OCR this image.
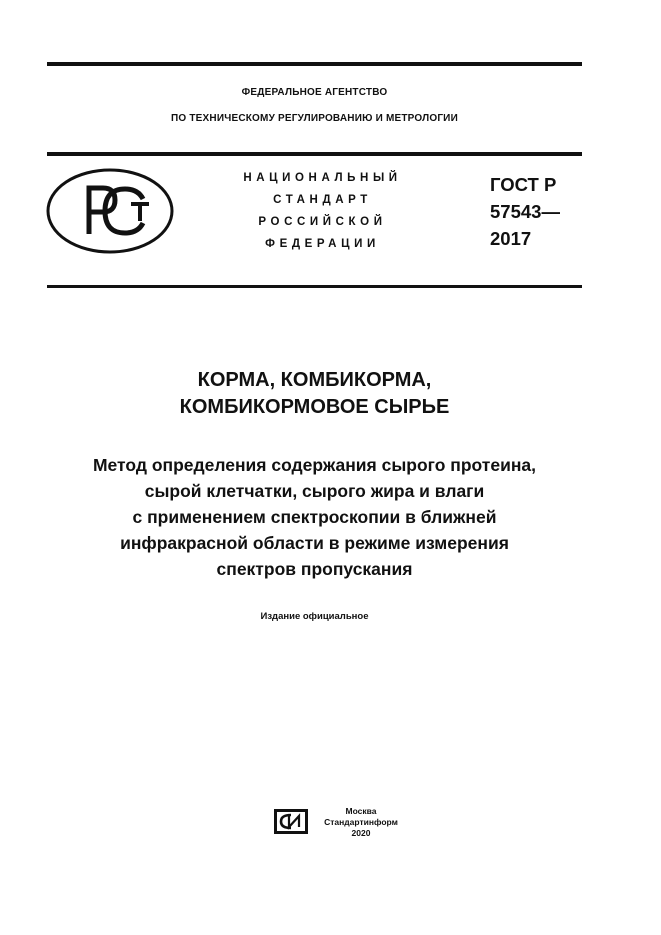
ФЕДЕРАЛЬНОЕ АГЕНТСТВО
ПО ТЕХНИЧЕСКОМУ РЕГУЛИРОВАНИЮ И МЕТРОЛОГИИ
НАЦИОНАЛЬНЫЙ
СТАНДАРТ
РОССИЙСКОЙ
ФЕДЕРАЦИИ
ГОСТ Р
57543—
2017
КОРМА, КОМБИКОРМА,
КОМБИКОРМОВОЕ СЫРЬЕ
Метод определения содержания сырого протеина,
сырой клетчатки, сырого жира и влаги
с применением спектроскопии в ближней
инфракрасной области в режиме измерения
спектров пропускания
Издание официальное
Москва
Стандартинформ
2020
